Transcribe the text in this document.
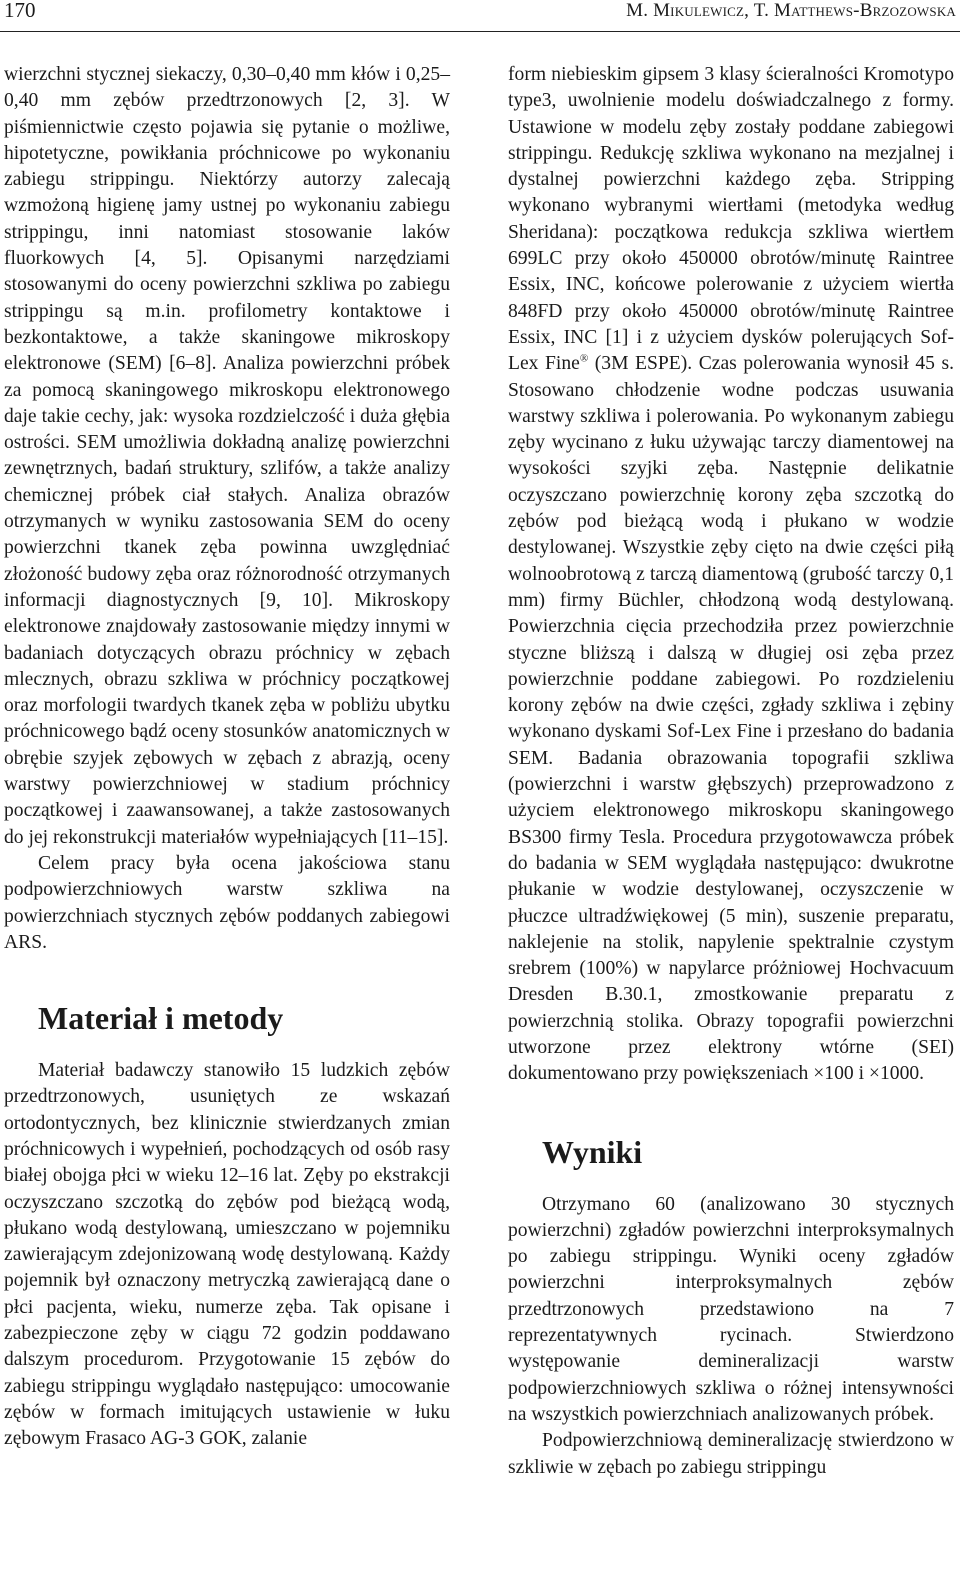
170	M. Mikulewicz, T. Matthews-Brzozowska

wierzchni stycznej siekaczy, 0,30–0,40 mm kłów i 0,25–0,40 mm zębów przedtrzonowych [2, 3]. W piśmiennictwie często pojawia się pytanie o możliwe, hipotetyczne, powikłania próchnicowe po wykonaniu zabiegu strippingu. Niektórzy autorzy zalecają wzmożoną higienę jamy ustnej po wykonaniu zabiegu strippingu, inni natomiast stosowanie laków fluorkowych [4, 5]. Opisanymi narzędziami stosowanymi do oceny powierzchni szkliwa po zabiegu strippingu są m.in. profilometry kontaktowe i bezkontaktowe, a także skaningowe mikroskopy elektronowe (SEM) [6–8]. Analiza powierzchni próbek za pomocą skaningowego mikroskopu elektronowego daje takie cechy, jak: wysoka rozdzielczość i duża głębia ostrości. SEM umożliwia dokładną analizę powierzchni zewnętrznych, badań struktury, szlifów, a także analizy chemicznej próbek ciał stałych. Analiza obrazów otrzymanych w wyniku zastosowania SEM do oceny powierzchni tkanek zęba powinna uwzględniać złożoność budowy zęba oraz różnorodność otrzymanych informacji diagnostycznych [9, 10]. Mikroskopy elektronowe znajdowały zastosowanie między innymi w badaniach dotyczących obrazu próchnicy w zębach mlecznych, obrazu szkliwa w próchnicy początkowej oraz morfologii twardych tkanek zęba w pobliżu ubytku próchnicowego bądź oceny stosunków anatomicznych w obrębie szyjek zębowych w zębach z abrazją, oceny warstwy powierzchniowej w stadium próchnicy początkowej i zaawansowanej, a także zastosowanych do jej rekonstrukcji materiałów wypełniających [11–15].

Celem pracy była ocena jakościowa stanu podpowierzchniowych warstw szkliwa na powierzchniach stycznych zębów poddanych zabiegowi ARS.

Materiał i metody

Materiał badawczy stanowiło 15 ludzkich zębów przedtrzonowych, usuniętych ze wskazań ortodontycznych, bez klinicznie stwierdzanych zmian próchnicowych i wypełnień, pochodzących od osób rasy białej obojga płci w wieku 12–16 lat. Zęby po ekstrakcji oczyszczano szczotką do zębów pod bieżącą wodą, płukano wodą destylowaną, umieszczano w pojemniku zawierającym zdejonizowaną wodę destylowaną. Każdy pojemnik był oznaczony metryczką zawierającą dane o płci pacjenta, wieku, numerze zęba. Tak opisane i zabezpieczone zęby w ciągu 72 godzin poddawano dalszym procedurom. Przygotowanie 15 zębów do zabiegu strippingu wyglądało następująco: umocowanie zębów w formach imitujących ustawienie w łuku zębowym Frasaco AG-3 GOK, zalanie

form niebieskim gipsem 3 klasy ścieralności Kromotypo type3, uwolnienie modelu doświadczalnego z formy. Ustawione w modelu zęby zostały poddane zabiegowi strippingu. Redukcję szkliwa wykonano na mezjalnej i dystalnej powierzchni każdego zęba. Stripping wykonano wybranymi wiertłami (metodyka według Sheridana): początkowa redukcja szkliwa wiertłem 699LC przy około 450000 obrotów/minutę Raintree Essix, INC, końcowe polerowanie z użyciem wiertła 848FD przy około 450000 obrotów/minutę Raintree Essix, INC [1] i z użyciem dysków polerujących Sof-Lex Fine® (3M ESPE). Czas polerowania wynosił 45 s. Stosowano chłodzenie wodne podczas usuwania warstwy szkliwa i polerowania. Po wykonanym zabiegu zęby wycinano z łuku używając tarczy diamentowej na wysokości szyjki zęba. Następnie delikatnie oczyszczano powierzchnię korony zęba szczotką do zębów pod bieżącą wodą i płukano w wodzie destylowanej. Wszystkie zęby cięto na dwie części piłą wolnoobrotową z tarczą diamentową (grubość tarczy 0,1 mm) firmy Büchler, chłodzoną wodą destylowaną. Powierzchnia cięcia przechodziła przez powierzchnie styczne bliższą i dalszą w długiej osi zęba przez powierzchnie poddane zabiegowi. Po rozdzieleniu korony zębów na dwie części, zgłady szkliwa i zębiny wykonano dyskami Sof-Lex Fine i przesłano do badania SEM. Badania obrazowania topografii szkliwa (powierzchni i warstw głębszych) przeprowadzono z użyciem elektronowego mikroskopu skaningowego BS300 firmy Tesla. Procedura przygotowawcza próbek do badania w SEM wyglądała następująco: dwukrotne płukanie w wodzie destylowanej, oczyszczenie w płuczce ultradźwiękowej (5 min), suszenie preparatu, naklejenie na stolik, napylenie spektralnie czystym srebrem (100%) w napylarce próżniowej Hochvacuum Dresden B.30.1, zmostkowanie preparatu z powierzchnią stolika. Obrazy topografii powierzchni utworzone przez elektrony wtórne (SEI) dokumentowano przy powiększeniach ×100 i ×1000.

Wyniki

Otrzymano 60 (analizowano 30 stycznych powierzchni) zgładów powierzchni interproksymalnych po zabiegu strippingu. Wyniki oceny zgładów powierzchni interproksymalnych zębów przedtrzonowych przedstawiono na 7 reprezentatywnych rycinach. Stwierdzono występowanie demineralizacji warstw podpowierzchniowych szkliwa o różnej intensywności na wszystkich powierzchniach analizowanych próbek.

Podpowierzchniową demineralizację stwierdzono w szkliwie w zębach po zabiegu strippingu
